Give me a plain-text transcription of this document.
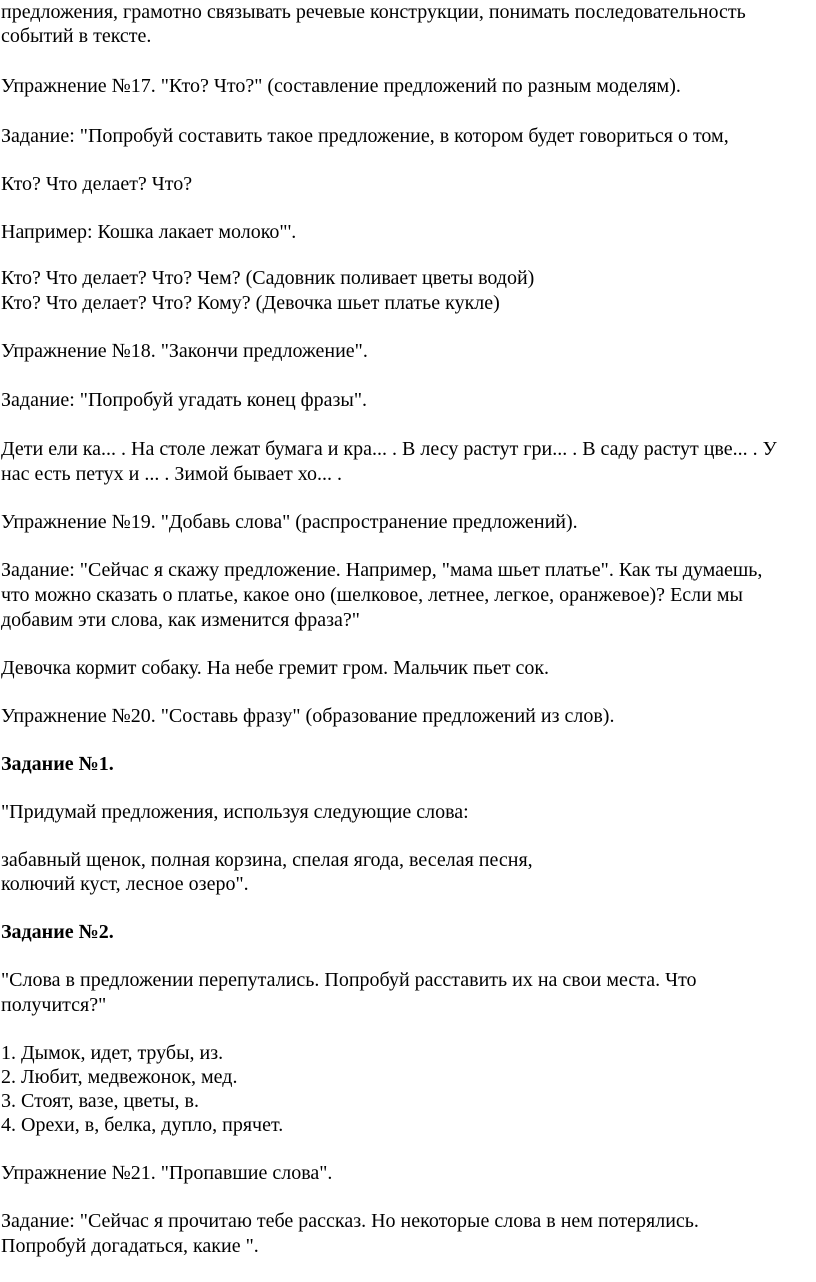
предложения, грамотно связывать речевые конструкции, понимать последовательность
событий в тексте.
Упражнение №17. "Кто? Что?" (составление предложений по разным моделям).
Задание: "Попробуй составить такое предложение, в котором будет говориться о том,
Кто? Что делает? Что?
Например: Кошка лакает молоко"'.
Кто? Что делает? Что? Чем? (Садовник поливает цветы водой)
Кто? Что делает? Что? Кому? (Девочка шьет платье кукле)
Упражнение №18. "Закончи предложение".
Задание: "Попробуй угадать конец фразы".
Дети ели ка... . На столе лежат бумага и кра... . В лесу растут гри... . В саду растут цве... . У
нас есть петух и ... . Зимой бывает хо... .
Упражнение №19. "Добавь слова" (распространение предложений).
Задание: "Сейчас я скажу предложение. Например, "мама шьет платье". Как ты думаешь,
что можно сказать о платье, какое оно (шелковое, летнее, легкое, оранжевое)? Если мы
добавим эти слова, как изменится фраза?"
Девочка кормит собаку. На небе гремит гром. Мальчик пьет сок.
Упражнение №20. "Составь фразу" (образование предложений из слов).
Задание №1.
"Придумай предложения, используя следующие слова:
забавный щенок, полная корзина, спелая ягода, веселая песня,
колючий куст, лесное озеро".
Задание №2.
"Слова в предложении перепутались. Попробуй расставить их на свои места. Что
получится?"
1. Дымок, идет, трубы, из.
2. Любит, медвежонок, мед.
3. Стоят, вазе, цветы, в.
4. Орехи, в, белка, дупло, прячет.
Упражнение №21. "Пропавшие слова".
Задание: "Сейчас я прочитаю тебе рассказ. Но некоторые слова в нем потерялись.
Попробуй догадаться, какие ".
